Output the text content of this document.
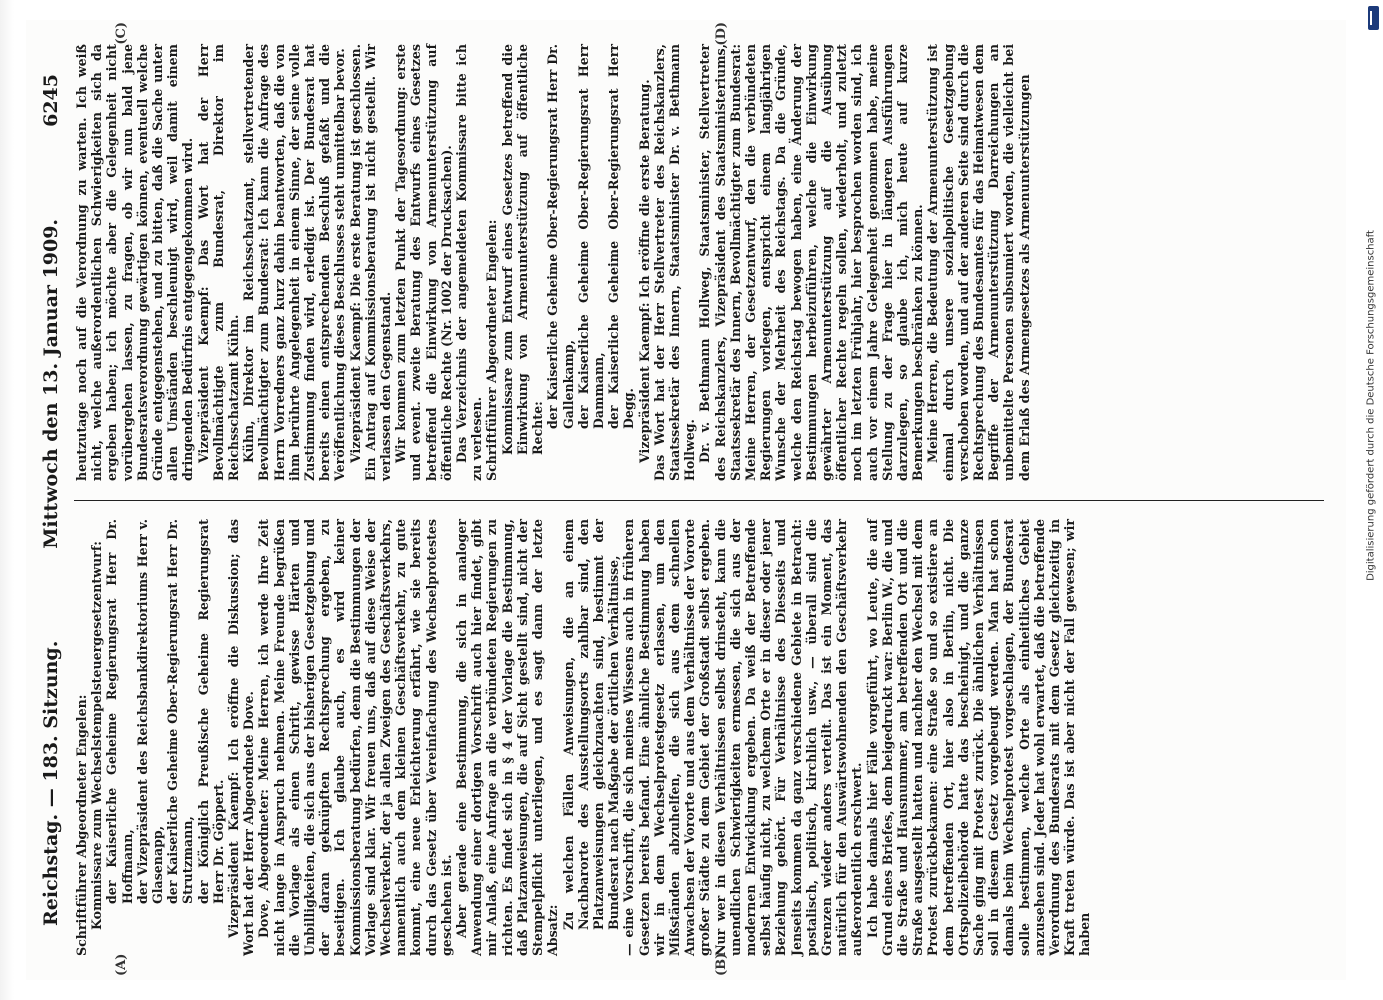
Reichstag. — 183. Sitzung.
Mittwoch den 13. Januar 1909.
6245
(A)	(B)

Schriftführer Abgeordneter Engelen: Kommissare zum Wechselstempelsteuergesetzentwurf: der Kaiserliche Geheime Regierungsrat Herr Dr. Hoffmann, der Vizepräsident des Reichsbankdirektoriums Herr v. Glasenapp, der Kaiserliche Geheime Ober-Regierungsrat Herr Dr. Strutzmann, der Königlich Preußische Geheime Regierungsrat Herr Dr. Göppert. Vizepräsident Kaempf: Ich eröffne die Diskussion; das Wort hat der Herr Abgeordnete Dove. Dove, Abgeordneter: Meine Herren, ich werde Ihre Zeit nicht lange in Anspruch nehmen. Meine Freunde begrüßen die Vorlage als einen Schritt, gewisse Härten und Unbilligkeiten, die sich aus der bisherigen Gesetzgebung und der daran geknüpften Rechtsprechung ergeben, zu beseitigen. Ich glaube auch, es wird keiner Kommissionsberatung bedürfen, denn die Bestimmungen der Vorlage sind klar. Wir freuen uns, daß auf diese Weise der Wechselverkehr, der ja allen Zweigen des Geschäftsverkehrs, namentlich auch dem kleinen Geschäftsverkehr, zu gute kommt, eine neue Erleichterung erfährt, wie sie bereits durch das Gesetz über Vereinfachung des Wechselprotestes geschehen ist. Aber gerade eine Bestimmung, die sich in analoger Anwendung einer dortigen Vorschrift auch hier findet, gibt mir Anlaß, eine Anfrage an die verbündeten Regierungen zu richten. Es findet sich in § 4 der Vorlage die Bestimmung, daß Platzanweisungen, die auf Sicht gestellt sind, nicht der Stempelpflicht unterliegen, und es sagt dann der letzte Absatz:

Zu welchen Fällen Anweisungen, die an einem Nachbarorte des Ausstellungsorts zahlbar sind, den Platzanweisungen gleichzuachten sind, bestimmt der Bundesrat nach Maßgabe der örtlichen Verhältnisse, — eine Vorschrift, die sich meines Wissens auch in früheren Gesetzen bereits befand. Eine ähnliche Bestimmung haben wir in dem Wechselprotestgesetz erlassen, um den Mißständen abzuhelfen, die sich aus dem schnellen Anwachsen der Vororte und aus dem Verhältnisse der Vororte großer Städte zu dem Gebiet der Großstadt selbst ergeben. Nur wer in diesen Verhältnissen selbst drinsteht, kann die unendlichen Schwierigkeiten ermessen, die sich aus der modernen Entwicklung ergeben. Da weiß der Betreffende selbst häufig nicht, zu welchem Orte er in dieser oder jener Beziehung gehört. Für Verhältnisse des Diesseits und Jenseits kommen da ganz verschiedene Gebiete in Betracht: postalisch, politisch, kirchlich usw., — überall sind die Grenzen wieder anders verteilt. Das ist ein Moment, das natürlich für den Auswärtswohnenden den Geschäftsverkehr außerordentlich erschwert. Ich habe damals hier Fälle vorgeführt, wo Leute, die auf Grund eines Briefes, dem beigedruckt war: Berlin W., die und die Straße und Hausnummer, am betreffenden Ort und die Straße ausgestellt hatten und nachher den Wechsel mit dem Protest zurückbekamen: eine Straße so und so existiere an dem betreffenden Ort, hier also in Berlin, nicht. Die Ortspolizeibehörde hatte das bescheinigt, und die ganze Sache ging mit Protest zurück. Die ähnlichen Verhältnissen soll in diesem Gesetz vorgebeugt werden. Man hat schon damals beim Wechselprotest vorgeschlagen, der Bundesrat solle bestimmen, welche Orte als einheitliches Gebiet anzusehen sind. Jeder hat wohl erwartet, daß die betreffende Verordnung des Bundesrats mit dem Gesetz gleichzeitig in Kraft treten würde. Das ist aber nicht der Fall gewesen; wir haben

(C)	(D)

heutzutage noch auf die Verordnung zu warten. Ich weiß nicht, welche außerordentlichen Schwierigkeiten sich da ergeben haben; ich möchte aber die Gelegenheit nicht vorübergehen lassen, zu fragen, ob wir nun bald jene Bundesratsverordnung gewärtigen können, eventuell welche Gründe entgegenstehen, und zu bitten, daß die Sache unter allen Umständen beschleunigt wird, weil damit einem dringenden Bedürfnis entgegengekommen wird. Vizepräsident Kaempf: Das Wort hat der Herr Bevollmächtigte zum Bundesrat, Direktor im Reichsschatzamt Kühn. Kühn, Direktor im Reichsschatzamt, stellvertretender Bevollmächtigter zum Bundesrat: Ich kann die Anfrage des Herrn Vorredners ganz kurz dahin beantworten, daß die von ihm berührte Angelegenheit in einem Sinne, der seine volle Zustimmung finden wird, erledigt ist. Der Bundesrat hat bereits einen entsprechenden Beschluß gefaßt und die Veröffentlichung dieses Beschlusses steht unmittelbar bevor. Vizepräsident Kaempf: Die erste Beratung ist geschlossen. Ein Antrag auf Kommissionsberatung ist nicht gestellt. Wir verlassen den Gegenstand. Wir kommen zum letzten Punkt der Tagesordnung: erste und event. zweite Beratung des Entwurfs eines Gesetzes betreffend die Einwirkung von Armenunterstützung auf öffentliche Rechte (Nr. 1002 der Drucksachen). Das Verzeichnis der angemeldeten Kommissare bitte ich zu verlesen. Schriftführer Abgeordneter Engelen: Kommissare zum Entwurf eines Gesetzes betreffend die Einwirkung von Armenunterstützung auf öffentliche Rechte: der Kaiserliche Geheime Ober-Regierungsrat Herr Dr. Gallenkamp, der Kaiserliche Geheime Ober-Regierungsrat Herr Dammann, der Kaiserliche Geheime Ober-Regierungsrat Herr Degg. Vizepräsident Kaempf: Ich eröffne die erste Beratung. Das Wort hat der Herr Stellvertreter des Reichskanzlers, Staatssekretär des Innern, Staatsminister Dr. v. Bethmann Hollweg. Dr. v. Bethmann Hollweg, Staatsminister, Stellvertreter des Reichskanzlers, Vizepräsident des Staatsministeriums, Staatssekretär des Innern, Bevollmächtigter zum Bundesrat: Meine Herren, der Gesetzentwurf, den die verbündeten Regierungen vorlegen, entspricht einem langjährigen Wunsche der Mehrheit des Reichstags. Da die Gründe, welche den Reichstag bewogen haben, eine Änderung der Bestimmungen herbeizuführen, welche die Einwirkung gewährter Armenunterstützung auf die Ausübung öffentlicher Rechte regeln sollen, wiederholt, und zuletzt noch im letzten Frühjahr, hier besprochen worden sind, ich auch vor einem Jahre Gelegenheit genommen habe, meine Stellung zu der Frage hier in längeren Ausführungen darzulegen, so glaube ich, mich heute auf kurze Bemerkungen beschränken zu können. Meine Herren, die Bedeutung der Armenunterstützung ist einmal durch unsere sozialpolitische Gesetzgebung verschoben worden, und auf der anderen Seite sind durch die Rechtsprechung des Bundesamtes für das Heimatwesen dem Begriffe der Armenunterstützung Darreichungen an unbemittelte Personen subsumiert worden, die vielleicht bei dem Erlaß des Armengesetzes als Armenunterstützungen	Digitalisierung gefördert durch die Deutsche Forschungsgemeinschaft
